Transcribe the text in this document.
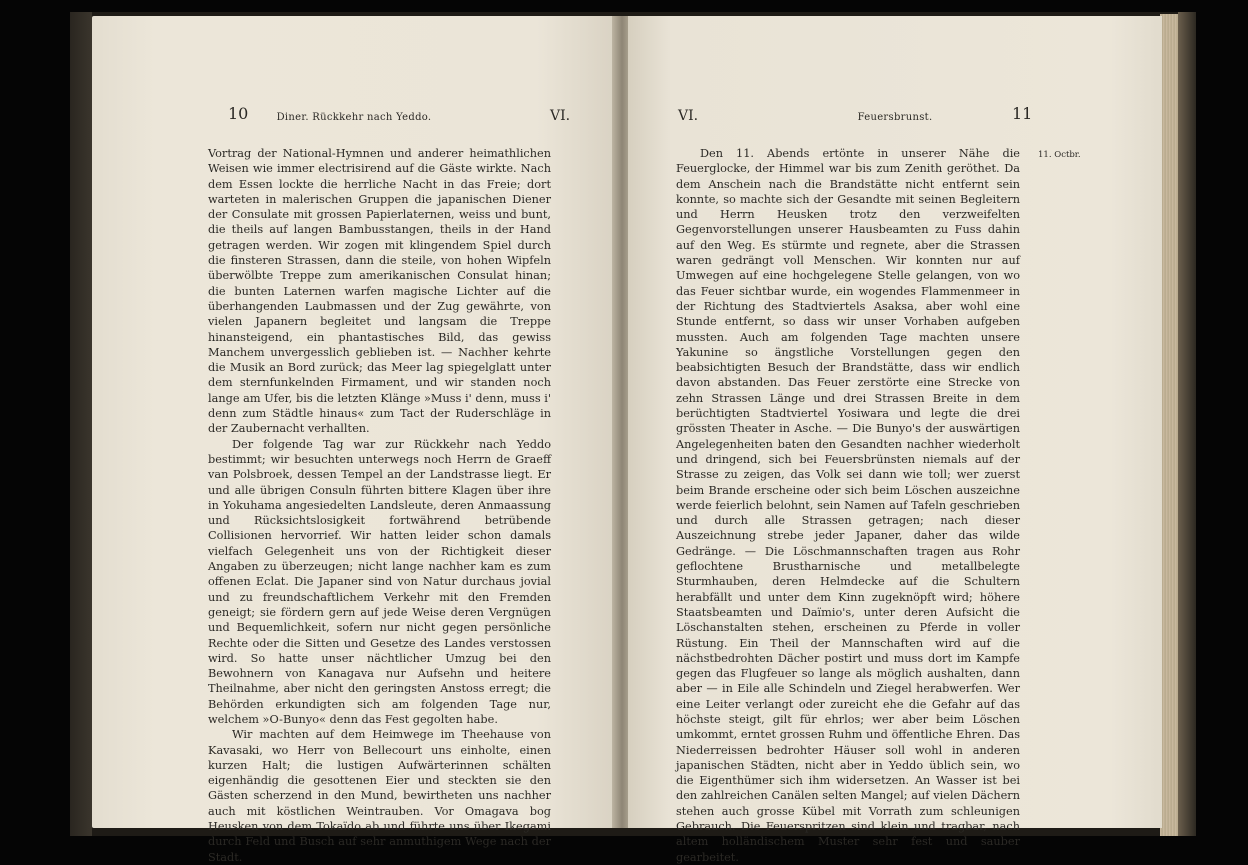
10	Diner. Rückkehr nach Yeddo.	VI.

Vortrag der National-Hymnen und anderer heimathlichen Weisen wie immer electrisirend auf die Gäste wirkte. Nach dem Essen lockte die herrliche Nacht in das Freie; dort warteten in malerischen Gruppen die japanischen Diener der Consulate mit grossen Papierlaternen, weiss und bunt, die theils auf langen Bambusstangen, theils in der Hand getragen werden. Wir zogen mit klingendem Spiel durch die finsteren Strassen, dann die steile, von hohen Wipfeln überwölbte Treppe zum amerikanischen Consulat hinan; die bunten Laternen warfen magische Lichter auf die überhangenden Laubmassen und der Zug gewährte, von vielen Japanern begleitet und langsam die Treppe hinansteigend, ein phantastisches Bild, das gewiss Manchem unvergesslich geblieben ist. — Nachher kehrte die Musik an Bord zurück; das Meer lag spiegelglatt unter dem sternfunkelnden Firmament, und wir standen noch lange am Ufer, bis die letzten Klänge »Muss i' denn, muss i' denn zum Städtle hinaus« zum Tact der Ruderschläge in der Zaubernacht verhallten.

Der folgende Tag war zur Rückkehr nach Yeddo bestimmt; wir besuchten unterwegs noch Herrn de Graeff van Polsbroek, dessen Tempel an der Landstrasse liegt. Er und alle übrigen Consuln führten bittere Klagen über ihre in Yokuhama angesiedelten Landsleute, deren Anmaassung und Rücksichtslosigkeit fortwährend betrübende Collisionen hervorrief. Wir hatten leider schon damals vielfach Gelegenheit uns von der Richtigkeit dieser Angaben zu überzeugen; nicht lange nachher kam es zum offenen Eclat. Die Japaner sind von Natur durchaus jovial und zu freundschaftlichem Verkehr mit den Fremden geneigt; sie fördern gern auf jede Weise deren Vergnügen und Bequemlichkeit, sofern nur nicht gegen persönliche Rechte oder die Sitten und Gesetze des Landes verstossen wird. So hatte unser nächtlicher Umzug bei den Bewohnern von Kanagava nur Aufsehn und heitere Theilnahme, aber nicht den geringsten Anstoss erregt; die Behörden erkundigten sich am folgenden Tage nur, welchem »O-Bunyo« denn das Fest gegolten habe.

Wir machten auf dem Heimwege im Theehause von Kavasaki, wo Herr von Bellecourt uns einholte, einen kurzen Halt; die lustigen Aufwärterinnen schälten eigenhändig die gesottenen Eier und steckten sie den Gästen scherzend in den Mund, bewirtheten uns nachher auch mit köstlichen Weintrauben. Vor Omagava bog Heusken von dem Tokaïdo ab und führte uns über Ikegami durch Feld und Busch auf sehr anmuthigem Wege nach der Stadt.

VI.	Feuersbrunst.	11

Den 11. Abends ertönte in unserer Nähe die Feuerglocke, der Himmel war bis zum Zenith geröthet. Da dem Anschein nach die Brandstätte nicht entfernt sein konnte, so machte sich der Gesandte mit seinen Begleitern und Herrn Heusken trotz den verzweifelten Gegenvorstellungen unserer Hausbeamten zu Fuss dahin auf den Weg. Es stürmte und regnete, aber die Strassen waren gedrängt voll Menschen. Wir konnten nur auf Umwegen auf eine hochgelegene Stelle gelangen, von wo das Feuer sichtbar wurde, ein wogendes Flammenmeer in der Richtung des Stadtviertels Asaksa, aber wohl eine Stunde entfernt, so dass wir unser Vorhaben aufgeben mussten. Auch am folgenden Tage machten unsere Yakunine so ängstliche Vorstellungen gegen den beabsichtigten Besuch der Brandstätte, dass wir endlich davon abstanden. Das Feuer zerstörte eine Strecke von zehn Strassen Länge und drei Strassen Breite in dem berüchtigten Stadtviertel Yosiwara und legte die drei grössten Theater in Asche. — Die Bunyo's der auswärtigen Angelegenheiten baten den Gesandten nachher wiederholt und dringend, sich bei Feuersbrünsten niemals auf der Strasse zu zeigen, das Volk sei dann wie toll; wer zuerst beim Brande erscheine oder sich beim Löschen auszeichne werde feierlich belohnt, sein Namen auf Tafeln geschrieben und durch alle Strassen getragen; nach dieser Auszeichnung strebe jeder Japaner, daher das wilde Gedränge. — Die Löschmannschaften tragen aus Rohr geflochtene Brustharnische und metallbelegte Sturmhauben, deren Helmdecke auf die Schultern herabfällt und unter dem Kinn zugeknöpft wird; höhere Staatsbeamten und Daïmio's, unter deren Aufsicht die Löschanstalten stehen, erscheinen zu Pferde in voller Rüstung. Ein Theil der Mannschaften wird auf die nächstbedrohten Dächer postirt und muss dort im Kampfe gegen das Flugfeuer so lange als möglich aushalten, dann aber — in Eile alle Schindeln und Ziegel herabwerfen. Wer eine Leiter verlangt oder zureicht ehe die Gefahr auf das höchste steigt, gilt für ehrlos; wer aber beim Löschen umkommt, erntet grossen Ruhm und öffentliche Ehren. Das Niederreissen bedrohter Häuser soll wohl in anderen japanischen Städten, nicht aber in Yeddo üblich sein, wo die Eigenthümer sich ihm widersetzen. An Wasser ist bei den zahlreichen Canälen selten Mangel; auf vielen Dächern stehen auch grosse Kübel mit Vorrath zum schleunigen Gebrauch. Die Feuerspritzen sind klein und tragbar, nach altem holländischem Muster sehr fest und sauber gearbeitet.

11. Octbr.
